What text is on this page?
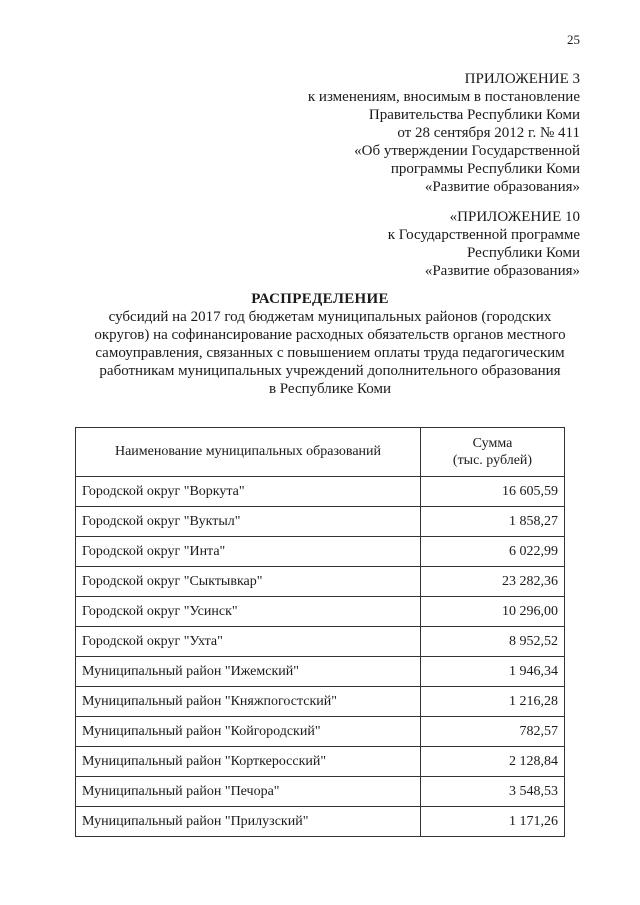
25
ПРИЛОЖЕНИЕ 3
к изменениям, вносимым в постановление
Правительства Республики Коми
от 28 сентября 2012 г. № 411
«Об утверждении Государственной
программы Республики Коми
«Развитие образования»
«ПРИЛОЖЕНИЕ 10
к Государственной программе
Республики Коми
«Развитие образования»
РАСПРЕДЕЛЕНИЕ
субсидий на 2017 год бюджетам муниципальных районов (городских
округов) на софинансирование расходных обязательств органов местного
самоуправления, связанных с повышением оплаты труда педагогическим
работникам муниципальных учреждений дополнительного образования
в Республике Коми
Наименование муниципальных образований	Сумма
(тыс. рублей)

Городской округ "Воркута"	16 605,59
Городской округ "Вуктыл"	1 858,27
Городской округ "Инта"	6 022,99
Городской округ "Сыктывкар"	23 282,36
Городской округ "Усинск"	10 296,00
Городской округ "Ухта"	8 952,52
Муниципальный район "Ижемский"	1 946,34
Муниципальный район "Княжпогостский"	1 216,28
Муниципальный район "Койгородский"	782,57
Муниципальный район "Корткеросский"	2 128,84
Муниципальный район "Печора"	3 548,53
Муниципальный район "Прилузский"	1 171,26
